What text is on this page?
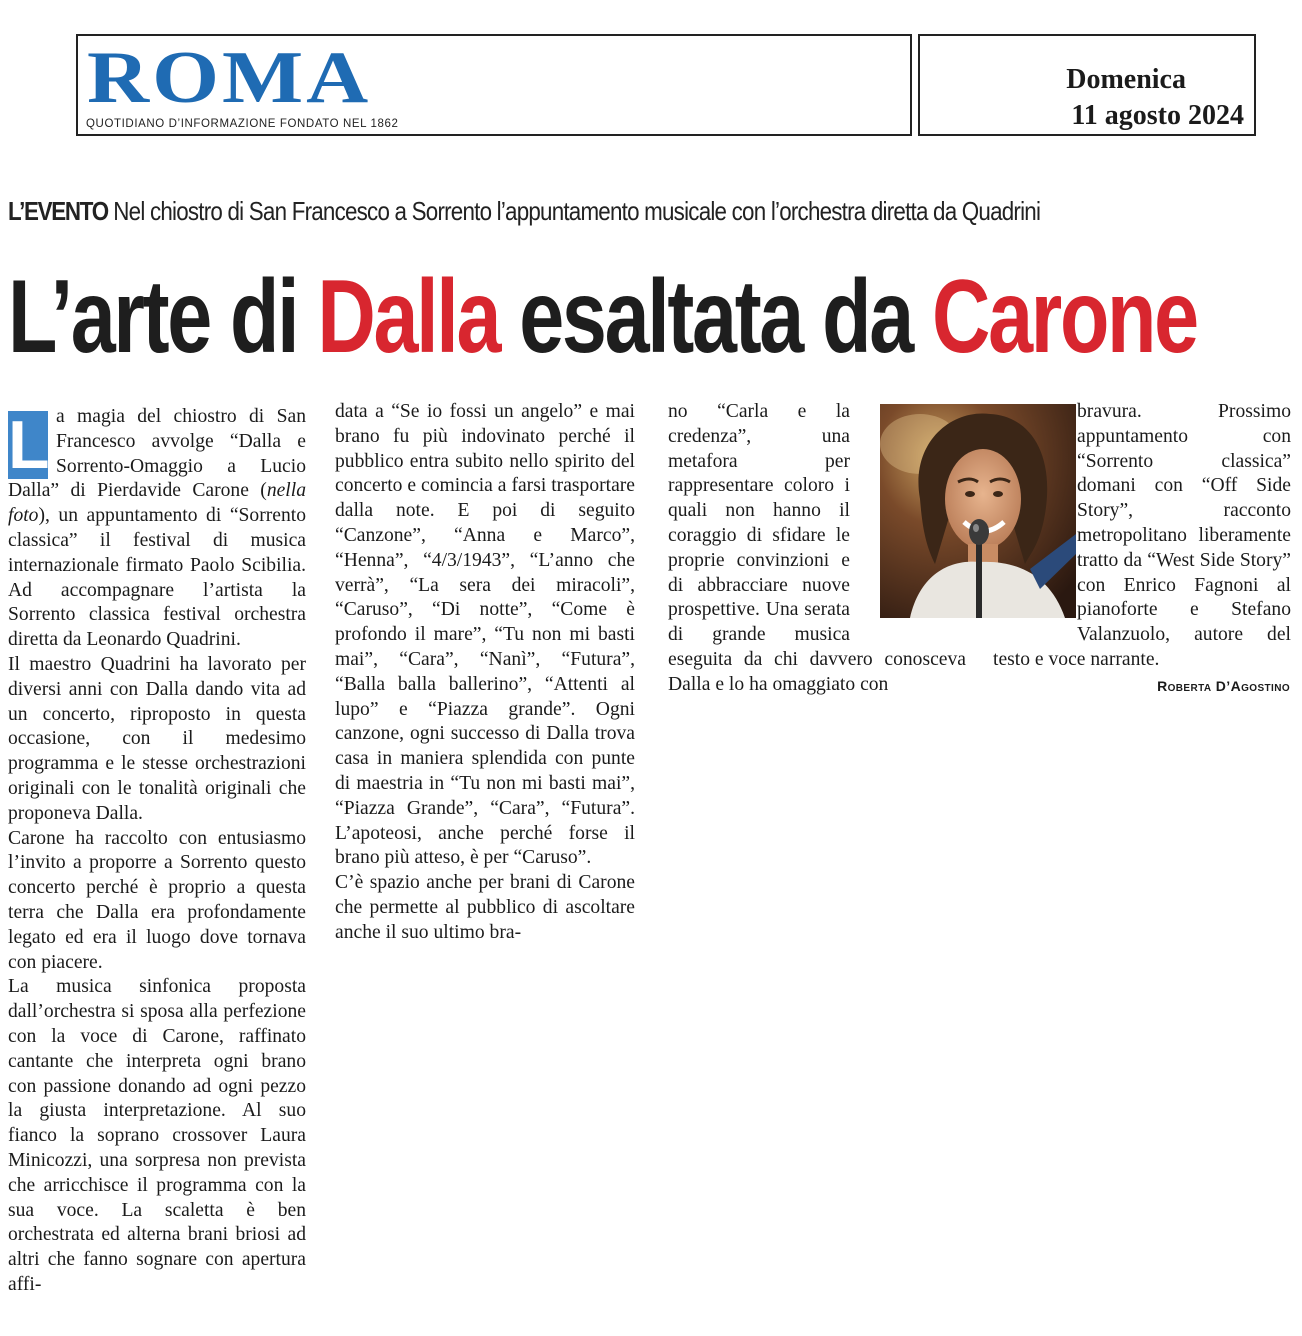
ROMA
QUOTIDIANO D’INFORMAZIONE FONDATO NEL 1862
Domenica
11 agosto 2024
L’EVENTO Nel chiostro di San Francesco a Sorrento l’appuntamento musicale con l’orchestra diretta da Quadrini
L’arte di Dalla esaltata da Carone

L a magia del chiostro di San Francesco avvolge “Dalla e Sorrento-Omaggio a Lucio Dalla” di Pierdavide Carone (nella foto), un appuntamento di “Sorrento classica” il festival di musica internazionale firmato Paolo Scibilia. Ad accompagnare l’artista la Sorrento classica festival orchestra diretta da Leonardo Quadrini.

Il maestro Quadrini ha lavorato per diversi anni con Dalla dando vita ad un concerto, riproposto in questa occasione, con il medesimo programma e le stesse orchestrazioni originali con le tonalità originali che proponeva Dalla.

Carone ha raccolto con entusiasmo l’invito a proporre a Sorrento questo concerto perché è proprio a questa terra che Dalla era profondamente legato ed era il luogo dove tornava con piacere.

La musica sinfonica proposta dall’orchestra si sposa alla perfezione con la voce di Carone, raffinato cantante che interpreta ogni brano con passione donando ad ogni pezzo la giusta interpretazione. Al suo fianco la soprano crossover Laura Minicozzi, una sorpresa non prevista che arricchisce il programma con la sua voce. La scaletta è ben orchestrata ed alterna brani briosi ad altri che fanno sognare con apertura affi-

data a “Se io fossi un angelo” e mai brano fu più indovinato perché il pubblico entra subito nello spirito del concerto e comincia a farsi trasportare dalla note. E poi di seguito “Canzone”, “Anna e Marco”, “Henna”, “4/3/1943”, “L’anno che verrà”, “La sera dei miracoli”, “Caruso”, “Di notte”, “Come è profondo il mare”, “Tu non mi basti mai”, “Cara”, “Nanì”, “Futura”, “Balla balla ballerino”, “Attenti al lupo” e “Piazza grande”. Ogni canzone, ogni successo di Dalla trova casa in maniera splendida con punte di maestria in “Tu non mi basti mai”, “Piazza Grande”, “Cara”, “Futura”. L’apoteosi, anche perché forse il brano più atteso, è per “Caruso”.

C’è spazio anche per brani di Carone che permette al pubblico di ascoltare anche il suo ultimo bra-

no “Carla e la credenza”, una metafora per rappresentare coloro i quali non hanno il coraggio di sfidare le proprie convinzioni e di abbracciare nuove prospettive. Una serata di grande musica eseguita da chi davvero conosceva Dalla e lo ha omaggiato con

bravura. Prossimo appuntamento con “Sorrento classica” domani con “Off Side Story”, racconto metropolitano liberamente tratto da “West Side Story” con Enrico Fagnoni al pianoforte e Stefano Valanzuolo, autore del testo e voce narrante.

Roberta D’Agostino
